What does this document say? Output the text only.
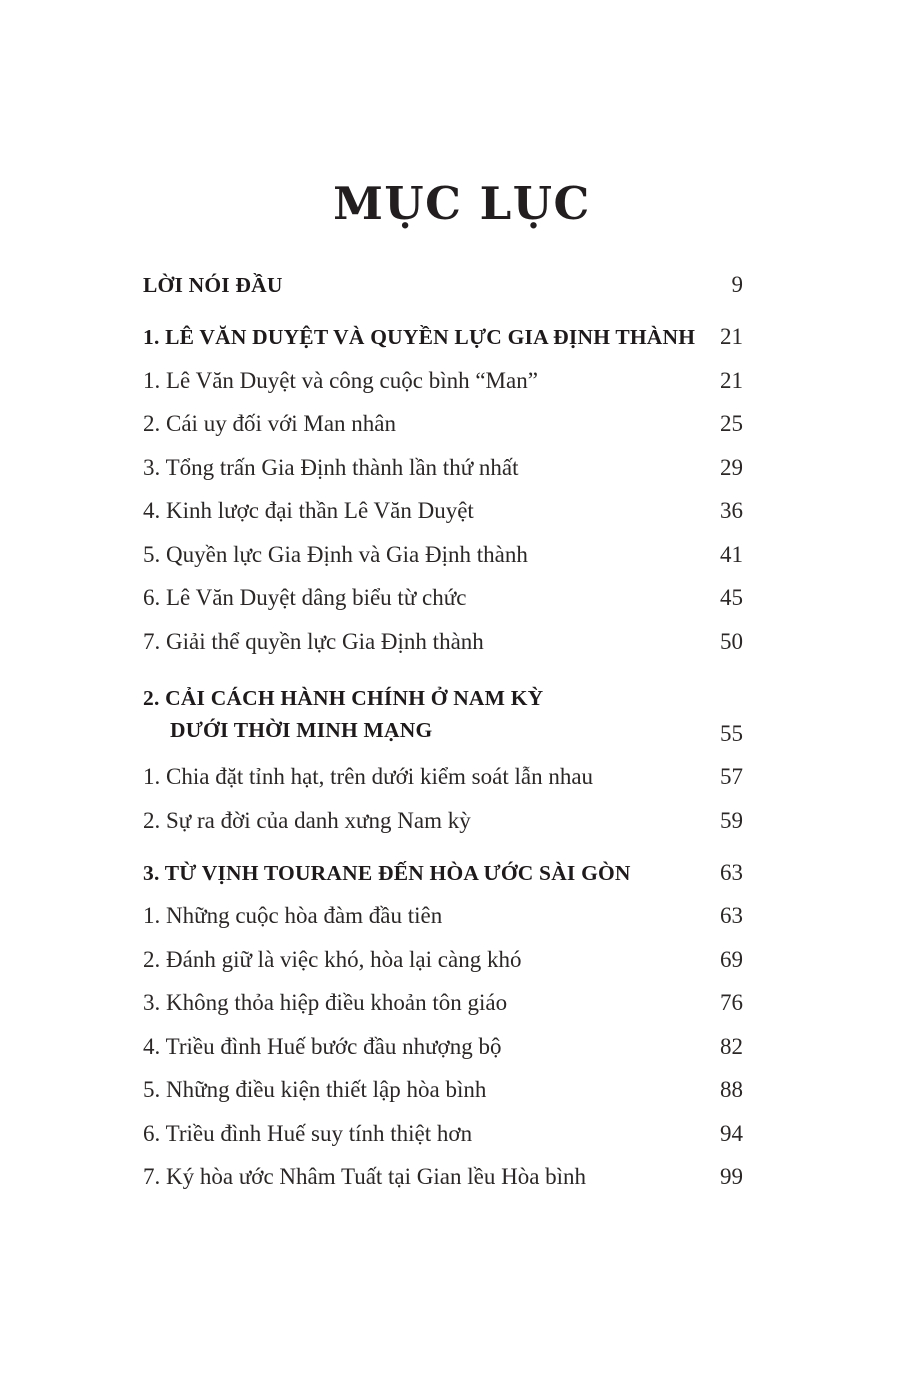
MỤC LỤC
LỜI NÓI ĐẦU	9
1. LÊ VĂN DUYỆT VÀ QUYỀN LỰC GIA ĐỊNH THÀNH	21
1. Lê Văn Duyệt và công cuộc bình “Man”	21
2. Cái uy đối với Man nhân	25
3. Tổng trấn Gia Định thành lần thứ nhất	29
4. Kinh lược đại thần Lê Văn Duyệt	36
5. Quyền lực Gia Định và Gia Định thành	41
6. Lê Văn Duyệt dâng biểu từ chức	45
7. Giải thể quyền lực Gia Định thành	50
2. CẢI CÁCH HÀNH CHÍNH Ở NAM KỲ
DƯỚI THỜI MINH MẠNG	55
1. Chia đặt tỉnh hạt, trên dưới kiểm soát lẫn nhau	57
2. Sự ra đời của danh xưng Nam kỳ	59
3. TỪ VỊNH TOURANE ĐẾN HÒA ƯỚC SÀI GÒN	63
1. Những cuộc hòa đàm đầu tiên	63
2. Đánh giữ là việc khó, hòa lại càng khó	69
3. Không thỏa hiệp điều khoản tôn giáo	76
4. Triều đình Huế bước đầu nhượng bộ	82
5. Những điều kiện thiết lập hòa bình	88
6. Triều đình Huế suy tính thiệt hơn	94
7. Ký hòa ước Nhâm Tuất tại Gian lều Hòa bình	99
